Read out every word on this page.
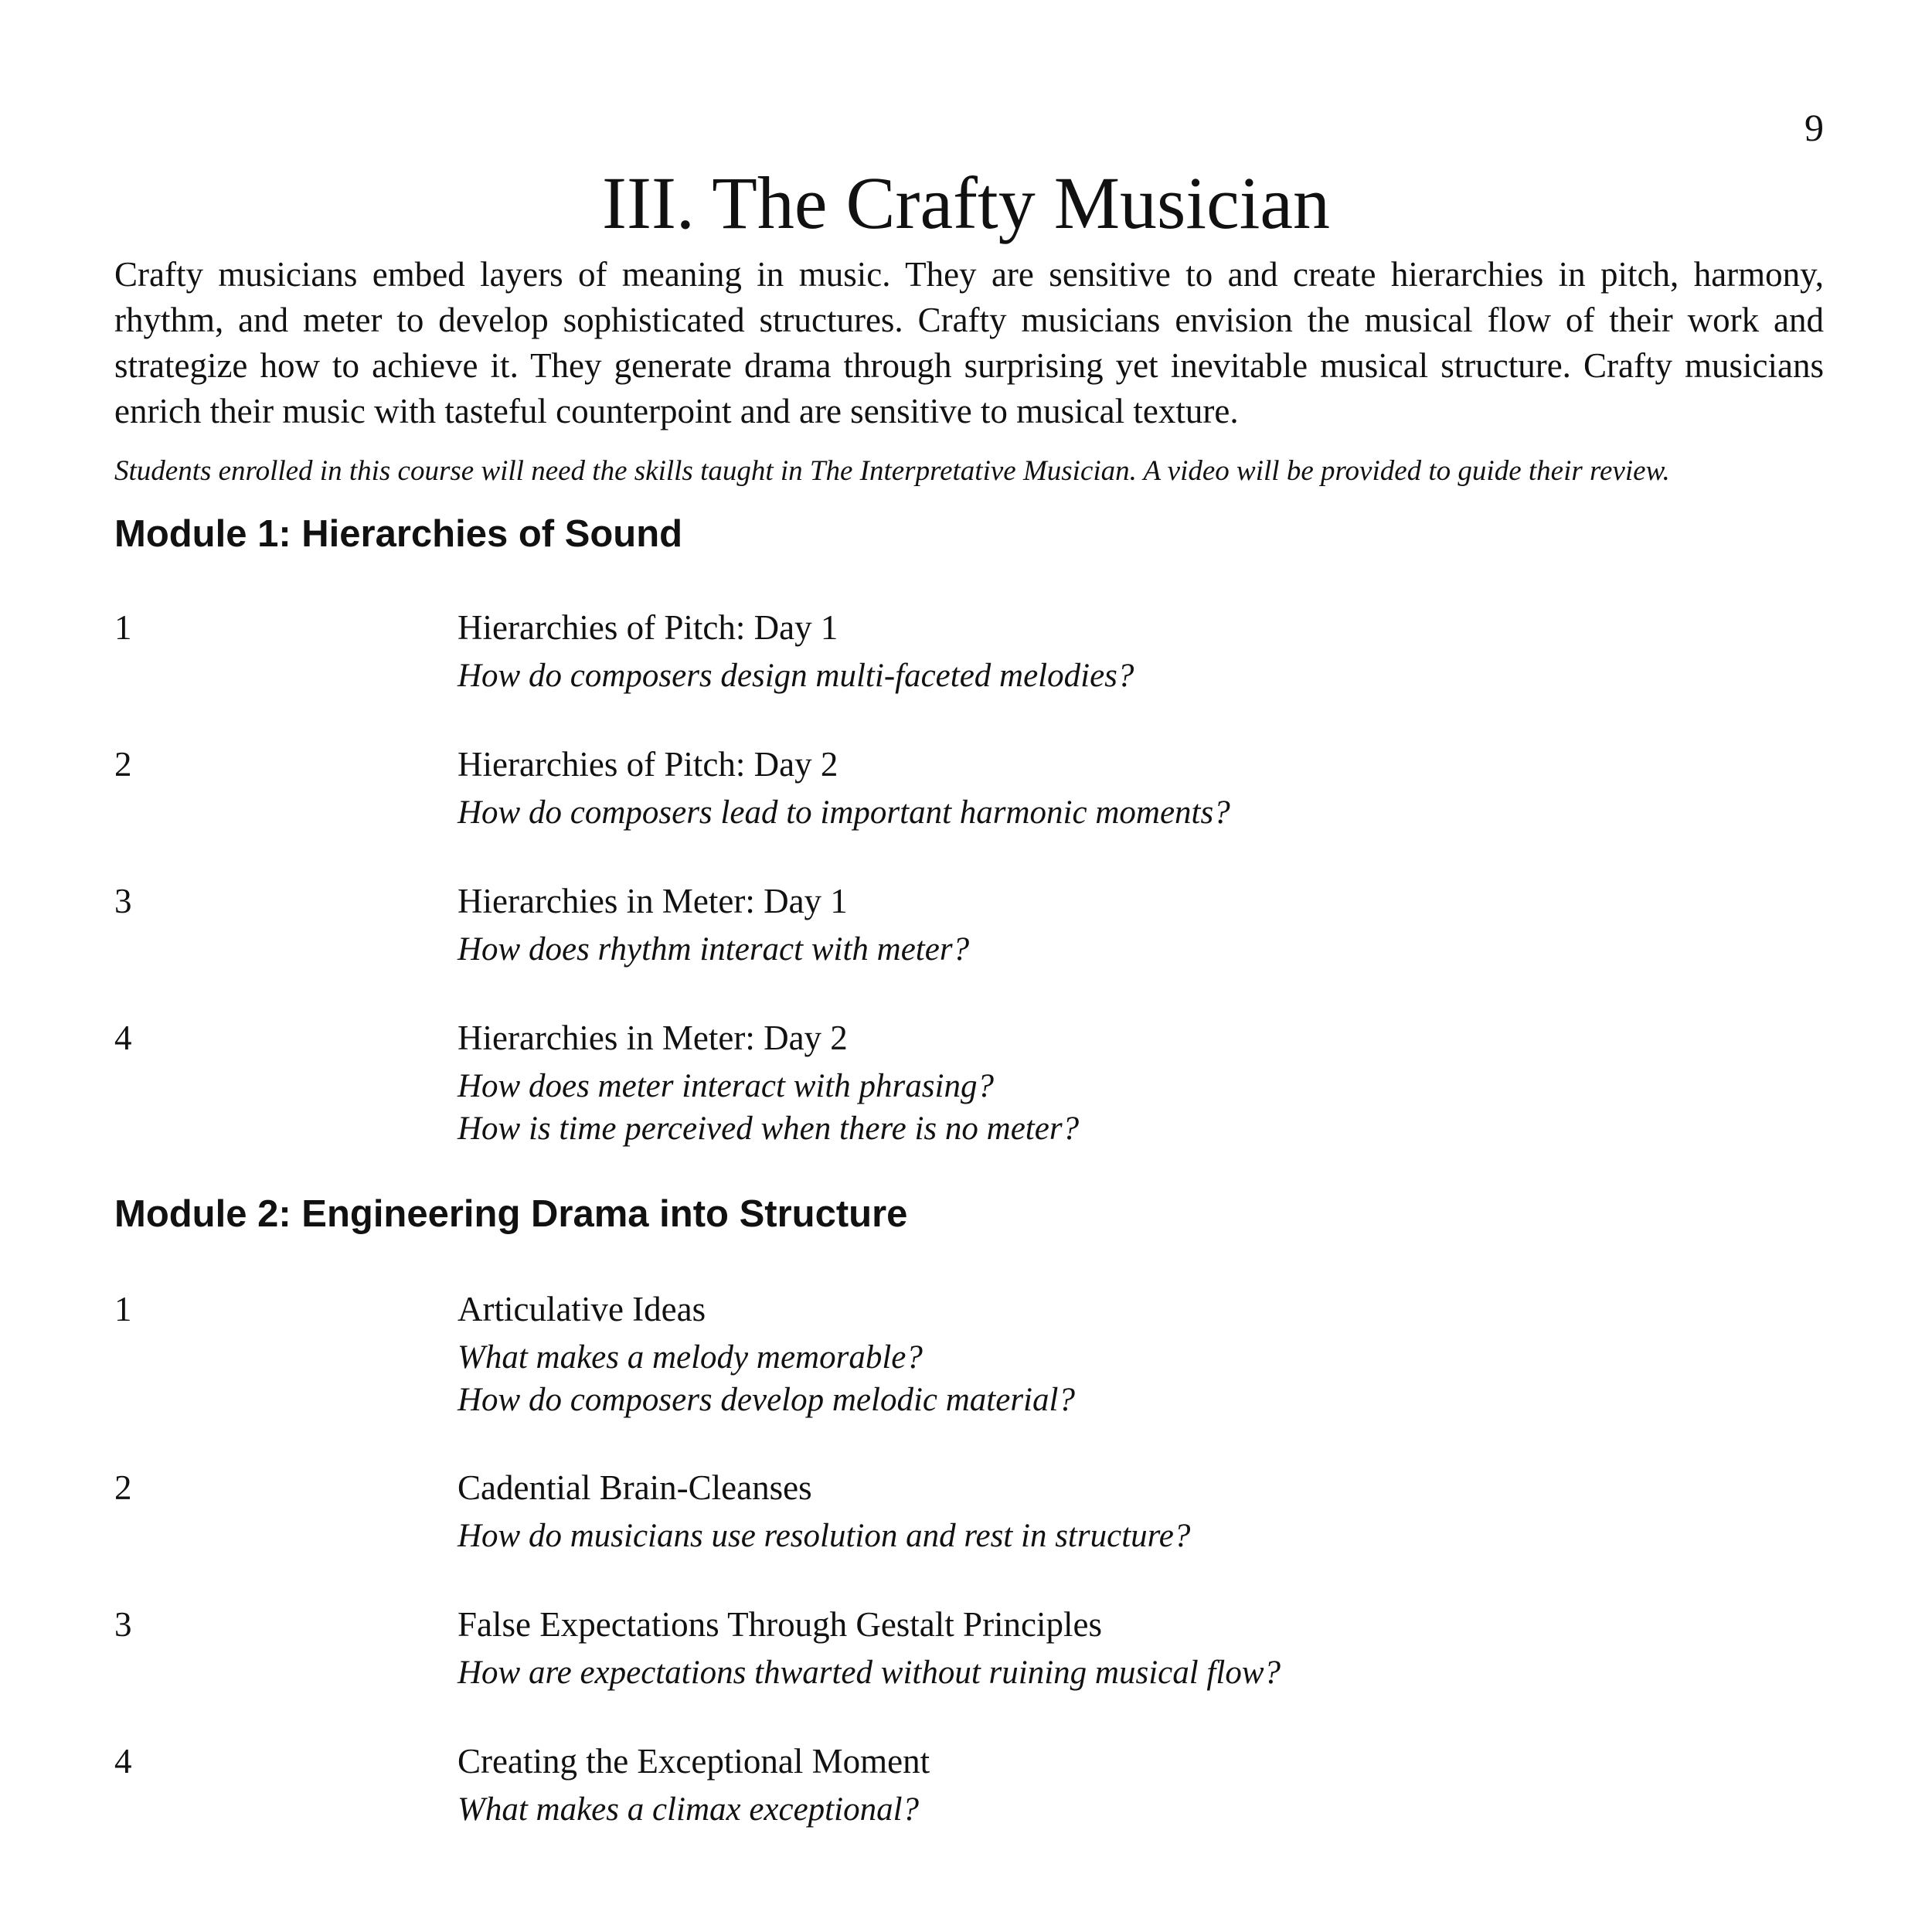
9
III. The Crafty Musician

Crafty musicians embed layers of meaning in music. They are sensitive to and create hierarchies in pitch, harmony, rhythm, and meter to develop sophisticated structures. Crafty musicians envision the musical flow of their work and strategize how to achieve it. They generate drama through surprising yet inevitable musical structure. Crafty musicians enrich their music with tasteful counterpoint and are sensitive to musical texture.

Students enrolled in this course will need the skills taught in The Interpretative Musician. A video will be provided to guide their review.

Module 1: Hierarchies of Sound
1	Hierarchies of Pitch: Day 1

How do composers design multi-faceted melodies?

2	Hierarchies of Pitch: Day 2

How do composers lead to important harmonic moments?

3	Hierarchies in Meter: Day 1

How does rhythm interact with meter?

4	Hierarchies in Meter: Day 2

How does meter interact with phrasing?

How is time perceived when there is no meter?

Module 2: Engineering Drama into Structure
1	Articulative Ideas

What makes a melody memorable?

How do composers develop melodic material?

2	Cadential Brain-Cleanses

How do musicians use resolution and rest in structure?

3	False Expectations Through Gestalt Principles

How are expectations thwarted without ruining musical flow?

4	Creating the Exceptional Moment

What makes a climax exceptional?
